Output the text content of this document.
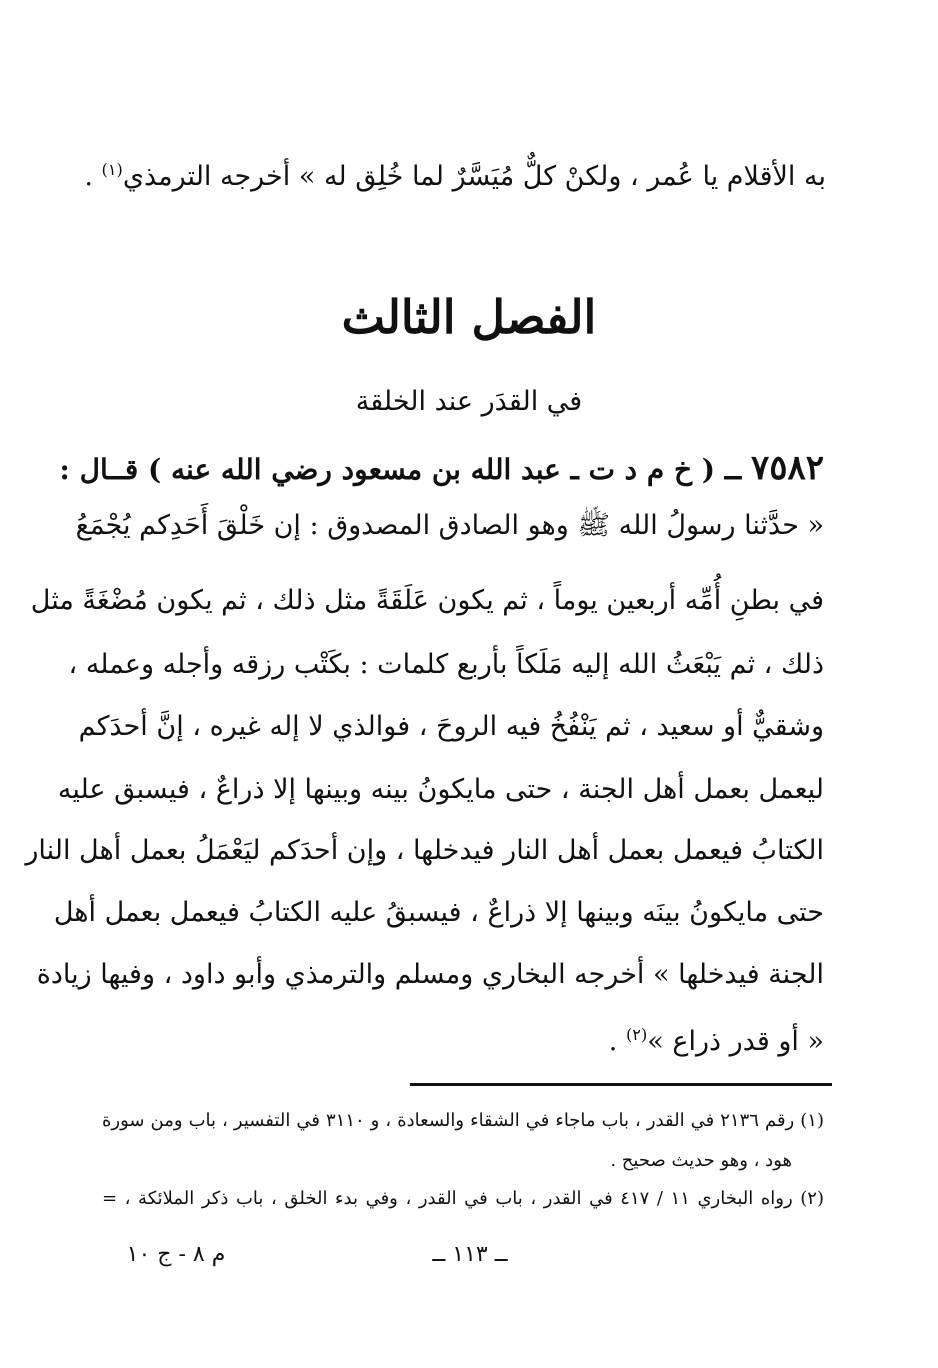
به الأقلام يا عُمر ، ولكنْ كلٌّ مُيَسَّرٌ لما خُلِق له » أخرجه الترمذي$^{(١)}$ .
الفصل الثالث
في القدَر عند الخلقة
٧٥٨٢ ــ ( خ م د ت ـ عبد الله بن مسعود رضي الله عنه ) قــال :
« حدَّثنا رسولُ الله ﷺ وهو الصادق المصدوق : إن خَلْقَ أَحَدِكم يُجْمَعُ
في بطنِ أُمِّه أربعين يوماً ، ثم يكون عَلَقَةً مثل ذلك ، ثم يكون مُضْغَةً مثل
ذلك ، ثم يَبْعَثُ الله إليه مَلَكاً بأربع كلمات : بكَتْب رزقه وأجله وعمله ،
وشقيٌّ أو سعيد ، ثم يَنْفُخُ فيه الروحَ ، فوالذي لا إله غيره ، إنَّ أحدَكم
ليعمل بعمل أهل الجنة ، حتى مايكونُ بينه وبينها إلا ذراعٌ ، فيسبق عليه
الكتابُ فيعمل بعمل أهل النار فيدخلها ، وإن أحدَكم ليَعْمَلُ بعمل أهل النار
حتى مايكونُ بينَه وبينها إلا ذراعٌ ، فيسبقُ عليه الكتابُ فيعمل بعمل أهل
الجنة فيدخلها » أخرجه البخاري ومسلم والترمذي وأبو داود ، وفيها زيادة
« أو قدر ذراع »$^{(٢)}$ .
(١) رقم ٢١٣٦ في القدر ، باب ماجاء في الشقاء والسعادة ، و ٣١١٠ في التفسير ، باب ومن سورة
هود ، وهو حديث صحيح .
(٢) رواه البخاري ١١ / ٤١٧ في القدر ، باب في القدر ، وفي بدء الخلق ، باب ذكر الملائكة ، =
ــ ١١٣ ــ
م ٨ - ج ١٠
